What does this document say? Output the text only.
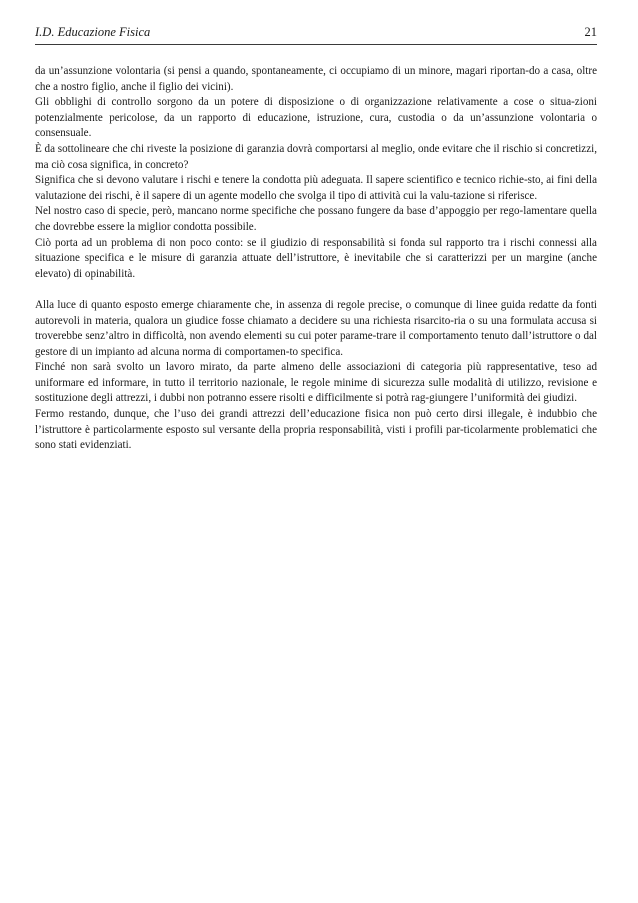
I.D. Educazione Fisica	21

da un’assunzione volontaria (si pensi a quando, spontaneamente, ci occupiamo di un minore, magari riportan-do a casa, oltre che a nostro figlio, anche il figlio dei vicini).

Gli obblighi di controllo sorgono da un potere di disposizione o di organizzazione relativamente a cose o situa-zioni potenzialmente pericolose, da un rapporto di educazione, istruzione, cura, custodia o da un’assunzione volontaria o consensuale.

È da sottolineare che chi riveste la posizione di garanzia dovrà comportarsi al meglio, onde evitare che il rischio si concretizzi, ma ciò cosa significa, in concreto?

Significa che si devono valutare i rischi e tenere la condotta più adeguata. Il sapere scientifico e tecnico richie-sto, ai fini della valutazione dei rischi, è il sapere di un agente modello che svolga il tipo di attività cui la valu-tazione si riferisce.

Nel nostro caso di specie, però, mancano norme specifiche che possano fungere da base d’appoggio per rego-lamentare quella che dovrebbe essere la miglior condotta possibile.

Ciò porta ad un problema di non poco conto: se il giudizio di responsabilità si fonda sul rapporto tra i rischi connessi alla situazione specifica e le misure di garanzia attuate dell’istruttore, è inevitabile che si caratterizzi per un margine (anche elevato) di opinabilità.

Alla luce di quanto esposto emerge chiaramente che, in assenza di regole precise, o comunque di linee guida redatte da fonti autorevoli in materia, qualora un giudice fosse chiamato a decidere su una richiesta risarcito-ria o su una formulata accusa si troverebbe senz’altro in difficoltà, non avendo elementi su cui poter parame-trare il comportamento tenuto dall’istruttore o dal gestore di un impianto ad alcuna norma di comportamen-to specifica.

Finché non sarà svolto un lavoro mirato, da parte almeno delle associazioni di categoria più rappresentative, teso ad uniformare ed informare, in tutto il territorio nazionale, le regole minime di sicurezza sulle modalità di utilizzo, revisione e sostituzione degli attrezzi, i dubbi non potranno essere risolti e difficilmente si potrà rag-giungere l’uniformità dei giudizi.

Fermo restando, dunque, che l’uso dei grandi attrezzi dell’educazione fisica non può certo dirsi illegale, è indubbio che l’istruttore è particolarmente esposto sul versante della propria responsabilità, visti i profili par-ticolarmente problematici che sono stati evidenziati.
